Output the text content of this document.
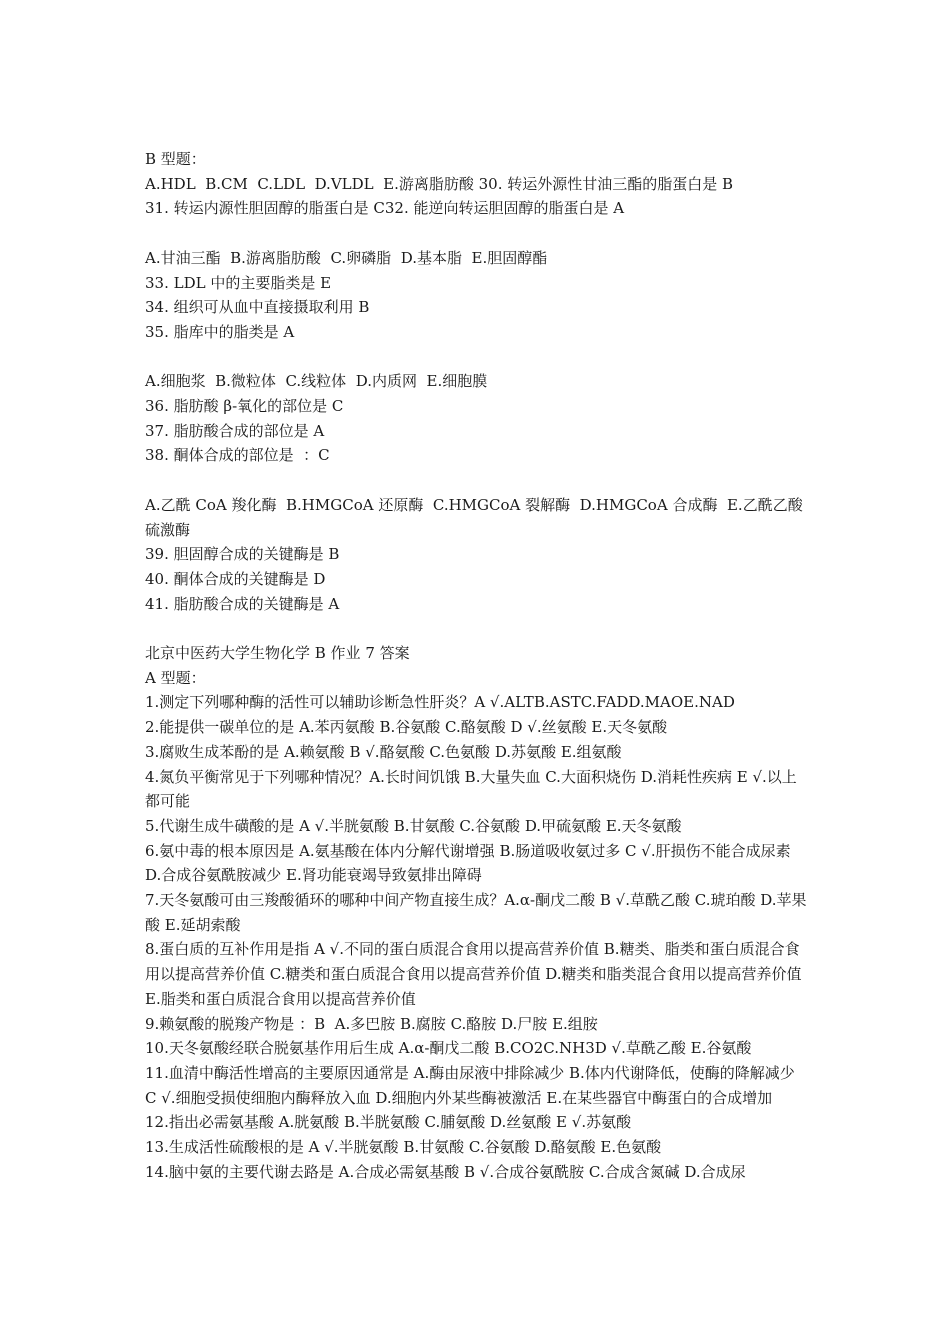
B 型题：
A.HDL  B.CM  C.LDL  D.VLDL  E.游离脂肪酸 30. 转运外源性甘油三酯的脂蛋白是 B
31. 转运内源性胆固醇的脂蛋白是 C32. 能逆向转运胆固醇的脂蛋白是 A
A.甘油三酯  B.游离脂肪酸  C.卵磷脂  D.基本脂  E.胆固醇酯
33. LDL 中的主要脂类是 E
34. 组织可从血中直接摄取利用 B
35. 脂库中的脂类是 A
A.细胞浆  B.微粒体  C.线粒体  D.内质网  E.细胞膜
36. 脂肪酸 β-氧化的部位是 C
37. 脂肪酸合成的部位是 A
38. 酮体合成的部位是  ：C
A.乙酰 CoA 羧化酶  B.HMGCoA 还原酶  C.HMGCoA 裂解酶  D.HMGCoA 合成酶  E.乙酰乙酸硫激酶
39. 胆固醇合成的关键酶是 B
40. 酮体合成的关键酶是 D
41. 脂肪酸合成的关键酶是 A
北京中医药大学生物化学 B 作业 7 答案
A 型题：
1.测定下列哪种酶的活性可以辅助诊断急性肝炎？A √.ALTB.ASTC.FADD.MAOE.NAD
2.能提供一碳单位的是 A.苯丙氨酸 B.谷氨酸 C.酪氨酸 D √.丝氨酸 E.天冬氨酸
3.腐败生成苯酚的是 A.赖氨酸 B √.酪氨酸 C.色氨酸 D.苏氨酸 E.组氨酸
4.氮负平衡常见于下列哪种情况？A.长时间饥饿 B.大量失血 C.大面积烧伤 D.消耗性疾病 E √.以上都可能
5.代谢生成牛磺酸的是 A √.半胱氨酸 B.甘氨酸 C.谷氨酸 D.甲硫氨酸 E.天冬氨酸
6.氨中毒的根本原因是 A.氨基酸在体内分解代谢增强 B.肠道吸收氨过多 C √.肝损伤不能合成尿素 D.合成谷氨酰胺减少 E.肾功能衰竭导致氨排出障碍
7.天冬氨酸可由三羧酸循环的哪种中间产物直接生成？A.α-酮戊二酸 B √.草酰乙酸 C.琥珀酸 D.苹果酸 E.延胡索酸
8.蛋白质的互补作用是指 A √.不同的蛋白质混合食用以提高营养价值 B.糖类、脂类和蛋白质混合食用以提高营养价值 C.糖类和蛋白质混合食用以提高营养价值 D.糖类和脂类混合食用以提高营养价值 E.脂类和蛋白质混合食用以提高营养价值
9.赖氨酸的脱羧产物是 ：B  A.多巴胺 B.腐胺 C.酪胺 D.尸胺 E.组胺
10.天冬氨酸经联合脱氨基作用后生成 A.α-酮戊二酸 B.CO2C.NH3D √.草酰乙酸 E.谷氨酸
11.血清中酶活性增高的主要原因通常是 A.酶由尿液中排除减少 B.体内代谢降低，使酶的降解减少 C √.细胞受损使细胞内酶释放入血 D.细胞内外某些酶被激活 E.在某些器官中酶蛋白的合成增加
12.指出必需氨基酸 A.胱氨酸 B.半胱氨酸 C.脯氨酸 D.丝氨酸 E √.苏氨酸
13.生成活性硫酸根的是 A √.半胱氨酸 B.甘氨酸 C.谷氨酸 D.酪氨酸 E.色氨酸
14.脑中氨的主要代谢去路是 A.合成必需氨基酸 B √.合成谷氨酰胺 C.合成含氮碱 D.合成尿
